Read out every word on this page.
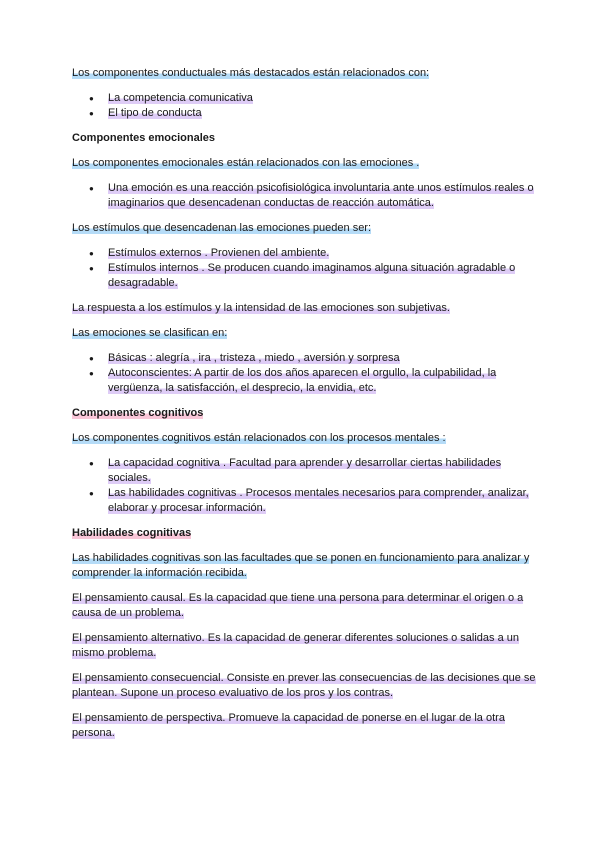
Los componentes conductuales más destacados están relacionados con:

● La competencia comunicativa
● El tipo de conducta

Componentes emocionales

Los componentes emocionales están relacionados con las emociones .

● Una emoción es una reacción psicofisiológica involuntaria ante unos estímulos reales o imaginarios que desencadenan conductas de reacción automática.

Los estímulos que desencadenan las emociones pueden ser:

● Estímulos externos . Provienen del ambiente.
● Estímulos internos . Se producen cuando imaginamos alguna situación agradable o desagradable.

La respuesta a los estímulos y la intensidad de las emociones son subjetivas.

Las emociones se clasifican en:

● Básicas : alegría , ira , tristeza , miedo , aversión y sorpresa
● Autoconscientes: A partir de los dos años aparecen el orgullo, la culpabilidad, la vergüenza, la satisfacción, el desprecio, la envidia, etc.

Componentes cognitivos

Los componentes cognitivos están relacionados con los procesos mentales :

● La capacidad cognitiva . Facultad para aprender y desarrollar ciertas habilidades sociales.
● Las habilidades cognitivas . Procesos mentales necesarios para comprender, analizar, elaborar y procesar información.

Habilidades cognitivas

Las habilidades cognitivas son las facultades que se ponen en funcionamiento para analizar y comprender la información recibida.

El pensamiento causal. Es la capacidad que tiene una persona para determinar el origen o a causa de un problema.

El pensamiento alternativo. Es la capacidad de generar diferentes soluciones o salidas a un mismo problema.

El pensamiento consecuencial. Consiste en prever las consecuencias de las decisiones que se plantean. Supone un proceso evaluativo de los pros y los contras.

El pensamiento de perspectiva. Promueve la capacidad de ponerse en el lugar de la otra persona.
